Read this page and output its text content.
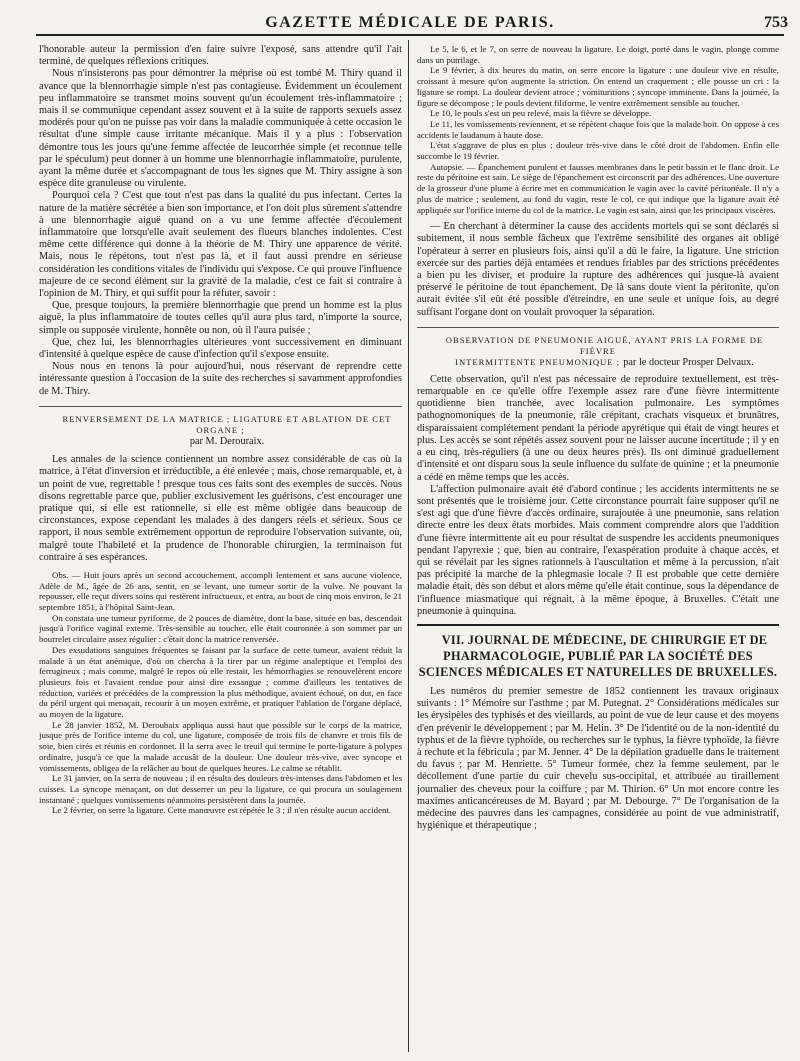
GAZETTE MÉDICALE DE PARIS.	753

l'honorable auteur la permission d'en faire suivre l'exposé, sans attendre qu'il l'ait terminé, de quelques réflexions critiques.

Nous n'insisterons pas pour démontrer la méprise où est tombé M. Thiry quand il avance que la blennorrhagie simple n'est pas contagieuse. Évidemment un écoulement peu inflammatoire se transmet moins souvent qu'un écoulement très-inflammatoire ; mais il se communique cependant assez souvent et à la suite de rapports sexuels assez modérés pour qu'on ne puisse pas voir dans la maladie communiquée à cette occasion le résultat d'une simple cause irritante mécanique. Mais il y a plus : l'observation démontre tous les jours qu'une femme affectée de leucorrhée simple (et reconnue telle par le spéculum) peut donner à un homme une blennorrhagie inflammatoire, purulente, ayant la même durée et s'accompagnant de tous les signes que M. Thiry assigne à son espèce dite granuleuse ou virulente.

Pourquoi cela ? C'est que tout n'est pas dans la qualité du pus infectant. Certes la nature de la matière sécrétée a bien son importance, et l'on doit plus sûrement s'attendre à une blennorrhagie aiguë quand on a vu une femme affectée d'écoulement inflammatoire que lorsqu'elle avait seulement des flueurs blanches indolentes. C'est même cette différence qui donne à la théorie de M. Thiry une apparence de vérité. Mais, nous le répétons, tout n'est pas là, et il faut aussi prendre en sérieuse considération les conditions vitales de l'individu qui s'expose. Ce qui prouve l'influence majeure de ce second élément sur la gravité de la maladie, c'est ce fait si contraire à l'opinion de M. Thiry, et qui suffit pour la réfuter, savoir :

Que, presque toujours, la première blennorrhagie que prend un homme est la plus aiguë, la plus inflammatoire de toutes celles qu'il aura plus tard, n'importe la source, simple ou supposée virulente, honnête ou non, où il l'aura puisée ;

Que, chez lui, les blennorrhagies ultérieures vont successivement en diminuant d'intensité à quelque espèce de cause d'infection qu'il s'expose ensuite.

Nous nous en tenons là pour aujourd'hui, nous réservant de reprendre cette intéressante question à l'occasion de la suite des recherches si savamment approfondies de M. Thiry.

RENVERSEMENT DE LA MATRICE ; LIGATURE ET ABLATION DE CET ORGANE ;

par M. Derouraix.

Les annales de la science contiennent un nombre assez considérable de cas où la matrice, à l'état d'inversion et irréductible, a été enlevée ; mais, chose remarquable, et, à un point de vue, regrettable ! presque tous ces faits sont des exemples de succès. Nous disons regrettable parce que, publier exclusivement les guérisons, c'est encourager une pratique qui, si elle est rationnelle, si elle est même obligée dans beaucoup de circonstances, expose cependant les malades à des dangers réels et sérieux. Sous ce rapport, il nous semble extrêmement opportun de reproduire l'observation suivante, où, malgré toute l'habileté et la prudence de l'honorable chirurgien, la terminaison fut contraire à ses espérances.

Obs. — Huit jours après un second accouchement, accompli lentement et sans aucune violence, Adèle de M., âgée de 26 ans, sentit, en se levant, une tumeur sortir de la vulve. Ne pouvant la repousser, elle reçut divers soins qui restèrent infructueux, et entra, au bout de cinq mois environ, le 21 septembre 1851, à l'hôpital Saint-Jean.

On constata une tumeur pyriforme, de 2 pouces de diamètre, dont la base, située en bas, descendait jusqu'à l'orifice vaginal externe. Très-sensible au toucher, elle était couronnée à son sommet par un bourrelet circulaire assez régulier : c'était donc la matrice renversée.

Des exsudations sanguines fréquentes se faisant par la surface de cette tumeur, avaient réduit la malade à un état anémique, d'où on chercha à la tirer par un régime analeptique et l'emploi des ferrugineux ; mais comme, malgré le repos où elle restait, les hémorrhagies se renouvelèrent encore plusieurs fois et l'avaient rendue pour ainsi dire exsangue ; comme d'ailleurs les tentatives de réduction, variées et précédées de la compression la plus méthodique, avaient échoué, on dut, en face du péril urgent qui menaçait, recourir à un moyen extrême, et pratiquer l'ablation de l'organe déplacé, au moyen de la ligature.

Le 28 janvier 1852, M. Deroubaix appliqua aussi haut que possible sur le corps de la matrice, jusque près de l'orifice interne du col, une ligature, composée de trois fils de chanvre et trois fils de soie, bien cirés et réunis en cordonnet. Il la serra avec le treuil qui termine le porte-ligature à polypes ordinaire, jusqu'à ce que la malade accusât de la douleur. Une douleur très-vive, avec syncope et vomissements, obligea de la relâcher au bout de quelques heures. Le calme se rétablit.

Le 31 janvier, on la serra de nouveau ; il en résulta des douleurs très-intenses dans l'abdomen et les cuisses. La syncope menaçant, on dut desserrer un peu la ligature, ce qui procura un soulagement instantané ; quelques vomissements néanmoins persistèrent dans la journée.

Le 2 février, on serre la ligature. Cette manœuvre est répétée le 3 ; il n'en résulte aucun accident.

Le 5, le 6, et le 7, on serre de nouveau la ligature. Le doigt, porté dans le vagin, plonge comme dans un putrilage.

Le 9 février, à dix heures du matin, on serre encore la ligature ; une douleur vive en résulte, croissant à mesure qu'on augmente la striction. On entend un craquement ; elle pousse un cri : la ligature se rompt. La douleur devient atroce ; vomituritions ; syncope imminente. Dans la journée, la figure se décompose ; le pouls devient filiforme, le ventre extrêmement sensible au toucher.

Le 10, le pouls s'est un peu relevé, mais la fièvre se développe.

Le 11, les vomissements reviennent, et se répètent chaque fois que la malade boit. On oppose à ces accidents le laudanum à haute dose.

L'état s'aggrave de plus en plus ; douleur très-vive dans le côté droit de l'abdomen. Enfin elle succombe le 19 février.

Autopsie. — Épanchement purulent et fausses membranes dans le petit bassin et le flanc droit. Le reste du péritoine est sain. Le siège de l'épanchement est circonscrit par des adhérences. Une ouverture de la grosseur d'une plume à écrire met en communication le vagin avec la cavité péritonéale. Il n'y a plus de matrice ; seulement, au fond du vagin, reste le col, ce qui indique que la ligature avait été appliquée sur l'orifice interne du col de la matrice. Le vagin est sain, ainsi que les principaux viscères.

— En cherchant à déterminer la cause des accidents mortels qui se sont déclarés si subitement, il nous semble fâcheux que l'extrême sensibilité des organes ait obligé l'opérateur à serrer en plusieurs fois, ainsi qu'il a dû le faire, la ligature. Une striction exercée sur des parties déjà entamées et rendues friables par des strictions précédentes a bien pu les diviser, et produire la rupture des adhérences qui jusque-là avaient préservé le péritoine de tout épanchement. De là sans doute vient la péritonite, qu'on aurait évitée s'il eût été possible d'étreindre, en une seule et unique fois, au degré suffisant l'organe dont on voulait provoquer la séparation.

OBSERVATION DE PNEUMONIE AIGUË, AYANT PRIS LA FORME DE FIÈVRE

INTERMITTENTE PNEUMONIQUE ; par le docteur Prosper Delvaux.

Cette observation, qu'il n'est pas nécessaire de reproduire textuellement, est très-remarquable en ce qu'elle offre l'exemple assez rare d'une fièvre intermittente quotidienne bien tranchée, avec localisation pulmonaire. Les symptômes pathognomoniques de la pneumonie, râle crépitant, crachats visqueux et brunâtres, disparaissaient complétement pendant la période apyrétique qui était de vingt heures et plus. Les accès se sont répétés assez souvent pour ne laisser aucune incertitude ; il y en a eu cinq, très-réguliers (à une ou deux heures près). Ils ont diminué graduellement d'intensité et ont disparu sous la seule influence du sulfate de quinine ; et la pneumonie a cédé en même temps que les accès.

L'affection pulmonaire avait été d'abord continue ; les accidents intermittents ne se sont présentés que le troisième jour. Cette circonstance pourrait faire supposer qu'il ne s'est agi que d'une fièvre d'accès ordinaire, surajoutée à une pneumonie, sans relation directe entre les deux états morbides. Mais comment comprendre alors que l'addition d'une fièvre intermittente ait eu pour résultat de suspendre les accidents pneumoniques pendant l'apyrexie ; que, bien au contraire, l'exaspération produite à chaque accès, et qui se révélait par les signes rationnels à l'auscultation et même à la percussion, n'ait pas précipité la marche de la phlegmasie locale ? Il est probable que cette dernière maladie était, dès son début et alors même qu'elle était continue, sous la dépendance de l'influence miasmatique qui régnait, à la même époque, à Bruxelles. C'était une pneumonie à quinquina.

VII. JOURNAL DE MÉDECINE, DE CHIRURGIE ET DE PHARMACOLOGIE, PUBLIÉ PAR LA SOCIÉTÉ DES SCIENCES MÉDICALES ET NATURELLES DE BRUXELLES.

Les numéros du premier semestre de 1852 contiennent les travaux originaux suivants : 1° Mémoire sur l'asthme ; par M. Putegnat. 2° Considérations médicales sur les érysipèles des typhisés et des vieillards, au point de vue de leur cause et des moyens d'en prévenir le développement ; par M. Helin. 3° De l'identité ou de la non-identité du typhus et de la fièvre typhoïde, ou recherches sur le typhus, la fièvre typhoïde, la fièvre à rechute et la fébricula ; par M. Jenner. 4° De la dépilation graduelle dans le traitement du favus ; par M. Henriette. 5° Tumeur formée, chez la femme seulement, par le décollement d'une partie du cuir chevelu sus-occipital, et attribuée au tiraillement journalier des cheveux pour la coiffure ; par M. Thirion. 6° Un mot encore contre les maximes anticancéreuses de M. Bayard ; par M. Debourge. 7° De l'organisation de la médecine des pauvres dans les campagnes, considérée au point de vue administratif, hygiénique et thérapeutique ;
